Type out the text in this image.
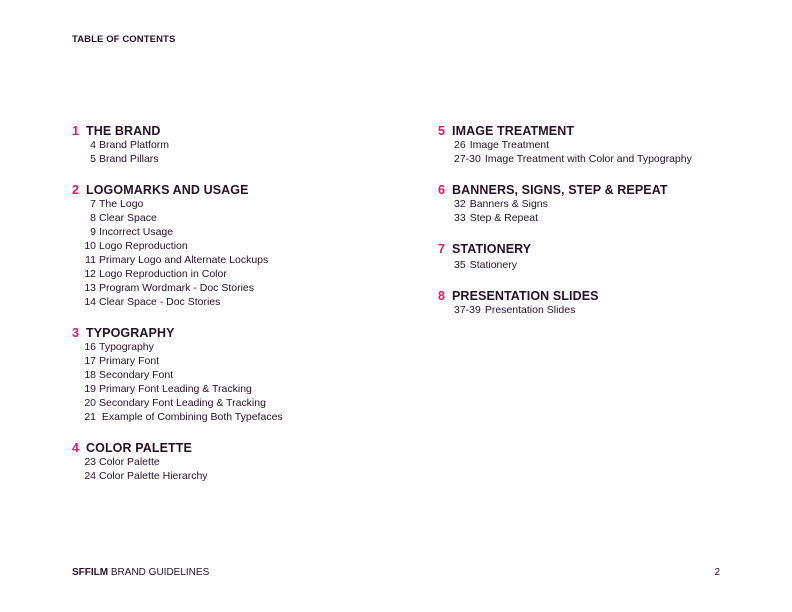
TABLE OF CONTENTS
1 THE BRAND
4 Brand Platform
5 Brand Pillars
2 LOGOMARKS AND USAGE
7 The Logo
8 Clear Space
9 Incorrect Usage
10 Logo Reproduction
11 Primary Logo and Alternate Lockups
12 Logo Reproduction in Color
13 Program Wordmark - Doc Stories
14 Clear Space - Doc Stories
3 TYPOGRAPHY
16 Typography
17 Primary Font
18 Secondary Font
19 Primary Font Leading & Tracking
20 Secondary Font Leading & Tracking
21 Example of Combining Both Typefaces
4 COLOR PALETTE
23 Color Palette
24 Color Palette Hierarchy
5 IMAGE TREATMENT
26 Image Treatment
27-30 Image Treatment with Color and Typography
6 BANNERS, SIGNS, STEP & REPEAT
32 Banners & Signs
33 Step & Repeat
7 STATIONERY
35 Stationery
8 PRESENTATION SLIDES
37-39 Presentation Slides
SFFILM BRAND GUIDELINES	2
